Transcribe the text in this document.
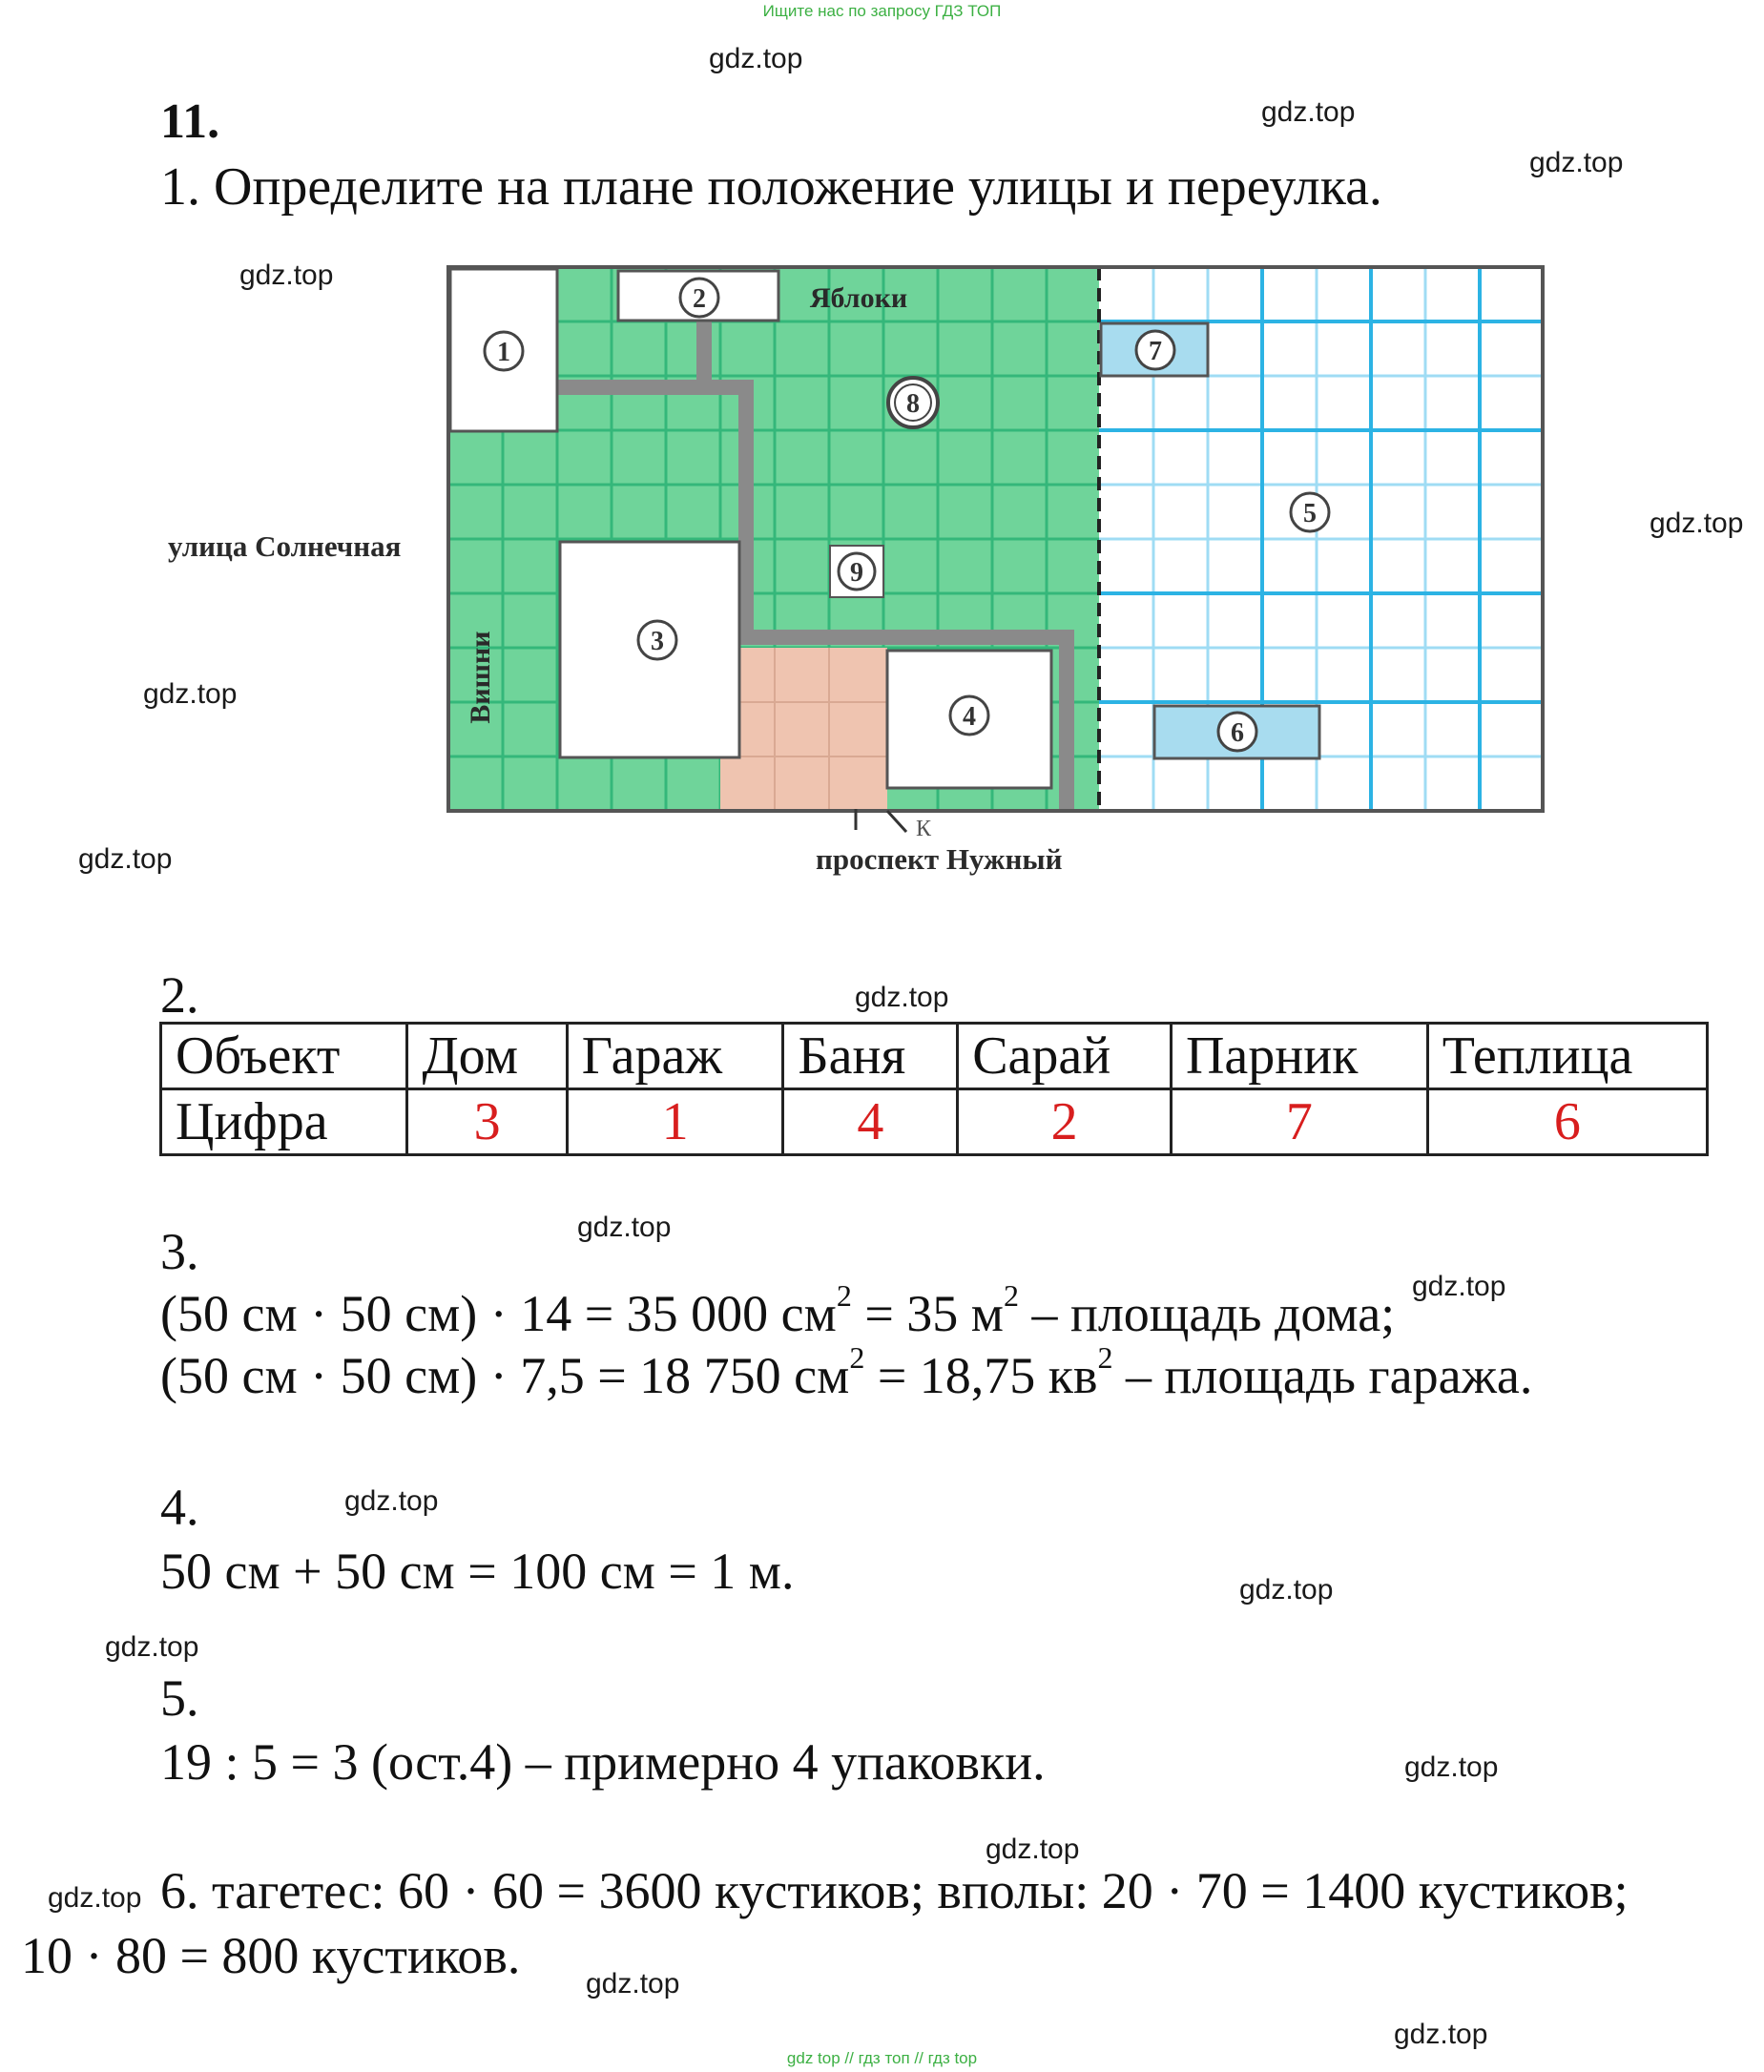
Ищите нас по запросу ГДЗ ТОП
gdz top // гдз топ // гдз top
gdz.top
gdz.top
gdz.top
gdz.top
gdz.top
gdz.top
gdz.top
gdz.top
gdz.top
gdz.top
gdz.top
gdz.top
gdz.top
gdz.top
gdz.top
gdz.top
gdz.top
gdz.top
11.
1. Определите на плане положение улицы и переулка.
улица Солнечная
проспект Нужный
Яблоки
Вишни
К
1
2
3
4
5
6
7
8
9
2.
Объект	Дом	Гараж	Баня	Сарай	Парник	Теплица
Цифра	3	1	4	2	7	6
3.
(50 см · 50 см) · 14 = 35 000 $см^2 = 35$ $м^2$ – площадь дома;
(50 см · 50 см) · 7,5 = 18 750 $см^2 = 18,75$ $кв^2$ – площадь гаража.
4.
50 см + 50 см = 100 см = 1 м.
5.
19 : 5 = 3 (ост.4) – примерно 4 упаковки.
6. тагетес: 60 · 60 = 3600 кустиков; вполы: 20 · 70 = 1400 кустиков;
10 · 80 = 800 кустиков.
